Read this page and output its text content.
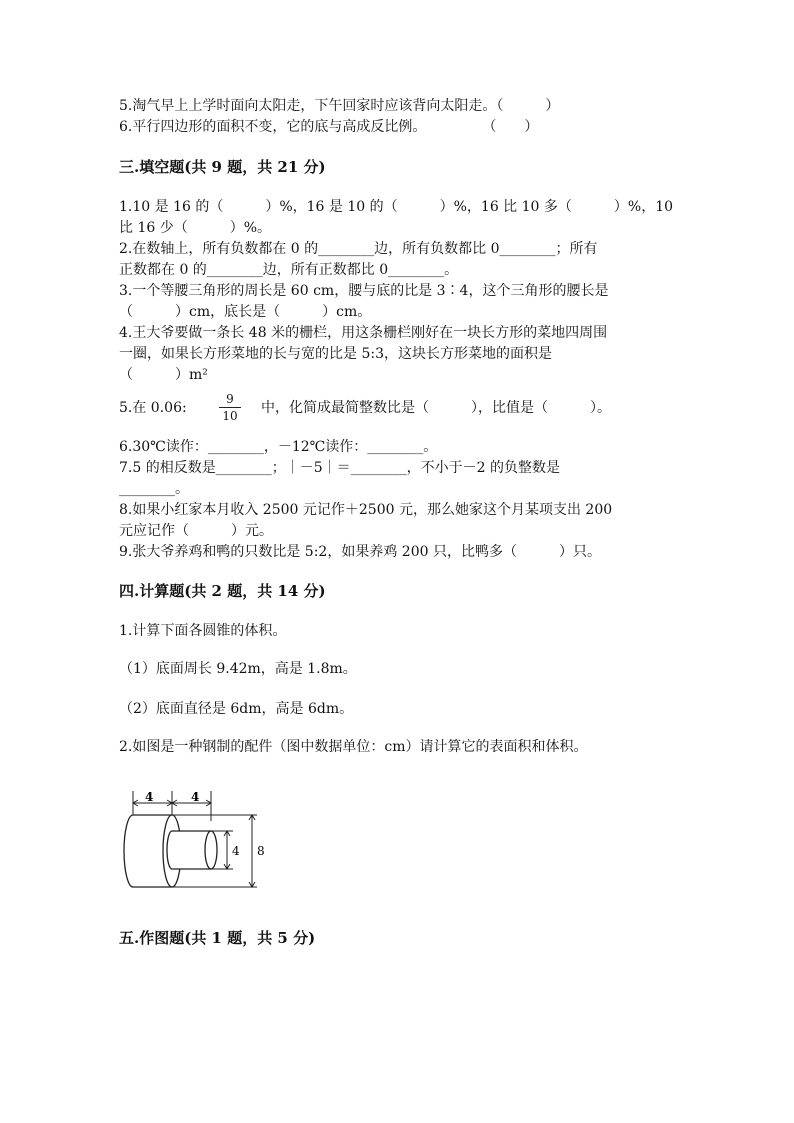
5.淘气早上上学时面向太阳走，下午回家时应该背向太阳走。（　　　）
6.平行四边形的面积不变，它的底与高成反比例。　　　　　（　　）
三.填空题(共 9 题，共 21 分)
1.10 是 16 的（　　　）%，16 是 10 的（　　　）%，16 比 10 多（　　　）%，10
比 16 少（　　　）%。
2.在数轴上，所有负数都在 0 的________边，所有负数都比 0________；所有
正数都在 0 的________边，所有正数都比 0________。
3.一个等腰三角形的周长是 60 cm，腰与底的比是 3∶4，这个三角形的腰长是
（　　　）cm，底长是（　　　）cm。
4.王大爷要做一条长 48 米的栅栏，用这条栅栏刚好在一块长方形的菜地四周围
一圈，如果长方形菜地的长与宽的比是 5:3，这块长方形菜地的面积是
（　　　）m²
5.在 0.06:
9
10 中，化简成最简整数比是（　　　），比值是（　　　）。
6.30℃读作：________，－12℃读作：________。
7.5 的相反数是________；｜－5｜＝________，不小于－2 的负整数是
________。
8.如果小红家本月收入 2500 元记作＋2500 元，那么她家这个月某项支出 200
元应记作（　　　）元。
9.张大爷养鸡和鸭的只数比是 5:2，如果养鸡 200 只，比鸭多（　　　）只。
四.计算题(共 2 题，共 14 分)
1.计算下面各圆锥的体积。
（1）底面周长 9.42m，高是 1.8m。
（2）底面直径是 6dm，高是 6dm。
2.如图是一种钢制的配件（图中数据单位：cm）请计算它的表面积和体积。
4	4
4 8
五.作图题(共 1 题，共 5 分)
